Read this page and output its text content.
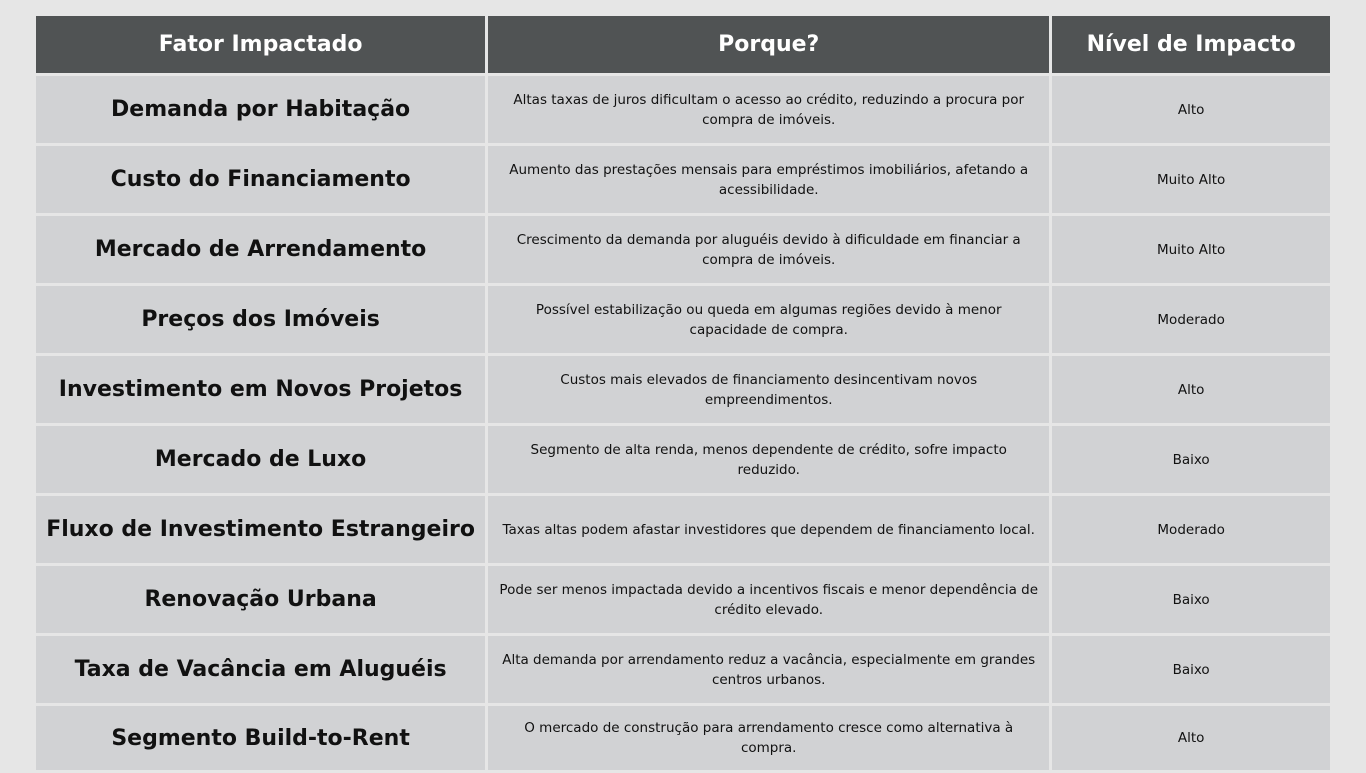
Fator Impactado	Porque?	Nível de Impacto
Demanda por Habitação	Altas taxas de juros dificultam o acesso ao crédito, reduzindo a procura por compra de imóveis.	Alto
Custo do Financiamento	Aumento das prestações mensais para empréstimos imobiliários, afetando a acessibilidade.	Muito Alto
Mercado de Arrendamento	Crescimento da demanda por aluguéis devido à dificuldade em financiar a compra de imóveis.	Muito Alto
Preços dos Imóveis	Possível estabilização ou queda em algumas regiões devido à menor capacidade de compra.	Moderado
Investimento em Novos Projetos	Custos mais elevados de financiamento desincentivam novos empreendimentos.	Alto
Mercado de Luxo	Segmento de alta renda, menos dependente de crédito, sofre impacto reduzido.	Baixo
Fluxo de Investimento Estrangeiro	Taxas altas podem afastar investidores que dependem de financiamento local.	Moderado
Renovação Urbana	Pode ser menos impactada devido a incentivos fiscais e menor dependência de crédito elevado.	Baixo
Taxa de Vacância em Aluguéis	Alta demanda por arrendamento reduz a vacância, especialmente em grandes centros urbanos.	Baixo
Segmento Build-to-Rent	O mercado de construção para arrendamento cresce como alternativa à compra.	Alto
